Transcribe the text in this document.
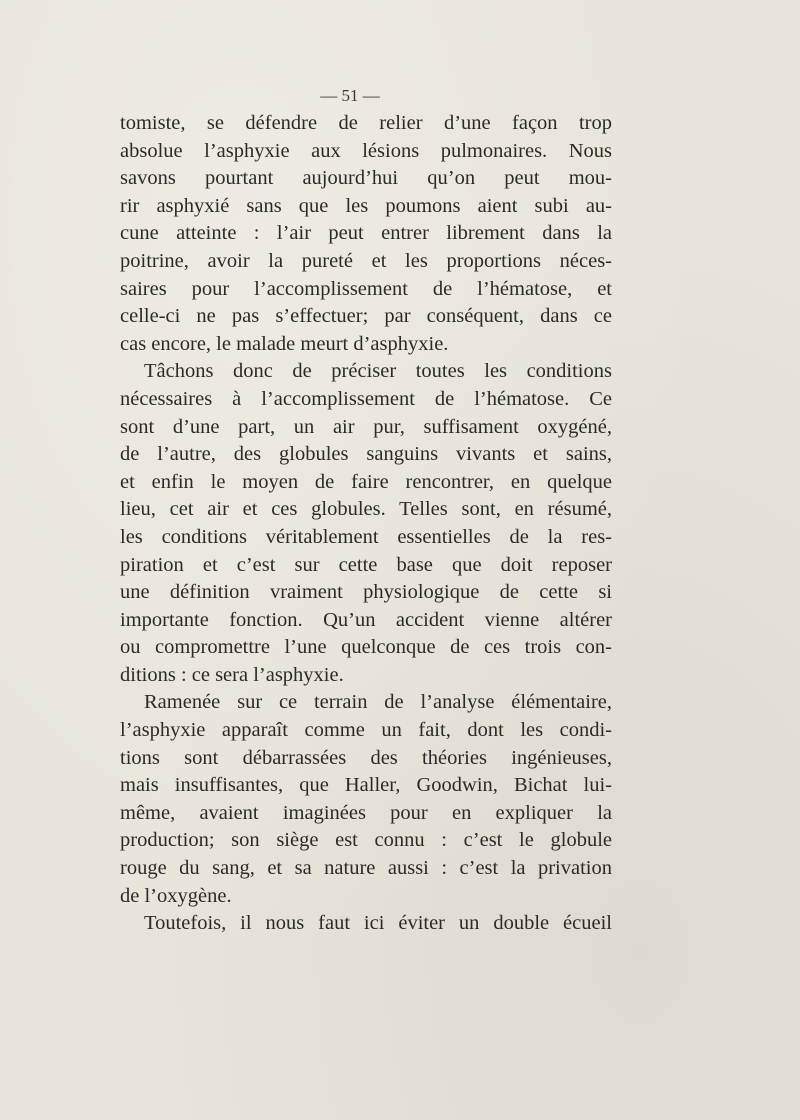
— 51 —
tomiste, se défendre de relier d’une façon trop
absolue l’asphyxie aux lésions pulmonaires. Nous
savons pourtant aujourd’hui qu’on peut mou-
rir asphyxié sans que les poumons aient subi au-
cune atteinte : l’air peut entrer librement dans la
poitrine, avoir la pureté et les proportions néces-
saires pour l’accomplissement de l’hématose, et
celle-ci ne pas s’effectuer; par conséquent, dans ce
cas encore, le malade meurt d’asphyxie.
Tâchons donc de préciser toutes les conditions
nécessaires à l’accomplissement de l’hématose. Ce
sont d’une part, un air pur, suffisament oxygéné,
de l’autre, des globules sanguins vivants et sains,
et enfin le moyen de faire rencontrer, en quelque
lieu, cet air et ces globules. Telles sont, en résumé,
les conditions véritablement essentielles de la res-
piration et c’est sur cette base que doit reposer
une définition vraiment physiologique de cette si
importante fonction. Qu’un accident vienne altérer
ou compromettre l’une quelconque de ces trois con-
ditions : ce sera l’asphyxie.
Ramenée sur ce terrain de l’analyse élémentaire,
l’asphyxie apparaît comme un fait, dont les condi-
tions sont débarrassées des théories ingénieuses,
mais insuffisantes, que Haller, Goodwin, Bichat lui-
même, avaient imaginées pour en expliquer la
production; son siège est connu : c’est le globule
rouge du sang, et sa nature aussi : c’est la privation
de l’oxygène.
Toutefois, il nous faut ici éviter un double écueil
